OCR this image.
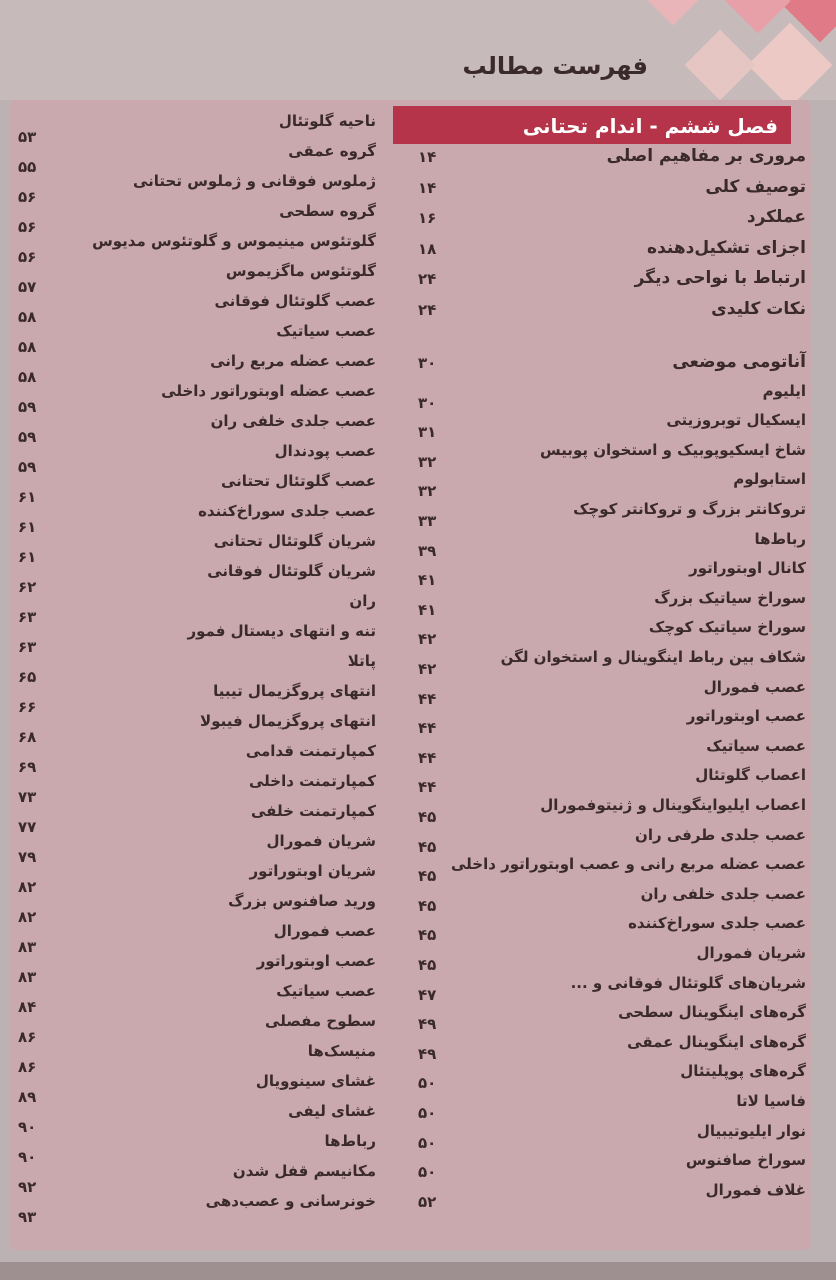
فهرست مطالب
فصل ششم - اندام تحتانی
مروری بر مفاهیم اصلی
۱۴
توصیف کلی
۱۴
عملکرد
۱۶
اجزای تشکیل‌دهنده
۱۸
ارتباط با نواحی دیگر
۲۴
نکات کلیدی
۲۴
آناتومی موضعی
۳۰
ایلیوم
۳۰
ایسکیال توبروزیتی
۳۱
شاخ ایسکیوپوبیک و استخوان پوبیس
۳۲
استابولوم
۳۲
تروکانتر بزرگ و تروکانتر کوچک
۳۳
رباط‌ها
۳۹
کانال اوبتوراتور
۴۱
سوراخ سیاتیک بزرگ
۴۱
سوراخ سیاتیک کوچک
۴۲
شکاف بین رباط اینگوینال و استخوان لگن
۴۲
عصب فمورال
۴۴
عصب اوبتوراتور
۴۴
عصب سیاتیک
۴۴
اعصاب گلوتئال
۴۴
اعصاب ایلیواینگوینال و ژنیتوفمورال
۴۵
عصب جلدی طرفی ران
۴۵
عصب عضله مربع رانی و عصب اوبتوراتور داخلی
۴۵
عصب جلدی خلفی ران
۴۵
عصب جلدی سوراخ‌کننده
۴۵
شریان فمورال
۴۵
شریان‌های گلوتئال فوقانی و ...
۴۷
گره‌های اینگوینال سطحی
۴۹
گره‌های اینگوینال عمقی
۴۹
گره‌های پوپلیتئال
۵۰
فاسیا لاتا
۵۰
نوار ایلیوتیبیال
۵۰
سوراخ صافنوس
۵۰
غلاف فمورال
۵۲
ناحیه گلوتئال
۵۳
گروه عمقی
۵۵
ژملوس فوقانی و ژملوس تحتانی
۵۶
گروه سطحی
۵۶
گلوتئوس مینیموس و گلوتئوس مدیوس
۵۶
گلوتئوس ماگزیموس
۵۷
عصب گلوتئال فوقانی
۵۸
عصب سیاتیک
۵۸
عصب عضله مربع رانی
۵۸
عصب عضله اوبتوراتور داخلی
۵۹
عصب جلدی خلفی ران
۵۹
عصب پودندال
۵۹
عصب گلوتئال تحتانی
۶۱
عصب جلدی سوراخ‌کننده
۶۱
شریان گلوتئال تحتانی
۶۱
شریان گلوتئال فوقانی
۶۲
ران
۶۳
تنه و انتهای دیستال فمور
۶۳
پاتلا
۶۵
انتهای پروگزیمال تیبیا
۶۶
انتهای پروگزیمال فیبولا
۶۸
کمپارتمنت قدامی
۶۹
کمپارتمنت داخلی
۷۳
کمپارتمنت خلفی
۷۷
شریان فمورال
۷۹
شریان اوبتوراتور
۸۲
ورید صافنوس بزرگ
۸۲
عصب فمورال
۸۳
عصب اوبتوراتور
۸۳
عصب سیاتیک
۸۴
سطوح مفصلی
۸۶
منیسک‌ها
۸۶
غشای سینوویال
۸۹
غشای لیفی
۹۰
رباط‌ها
۹۰
مکانیسم قفل شدن
۹۲
خونرسانی و عصب‌دهی
۹۳
